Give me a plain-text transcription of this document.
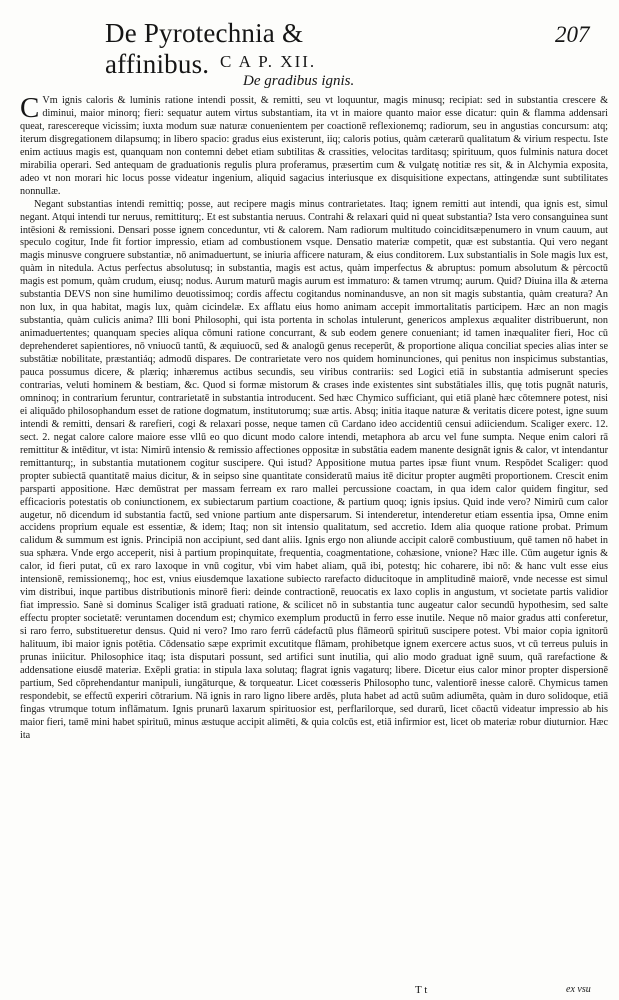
De Pyrotechnia & affinibus.
207
C A P. XII.
De gradibus ignis.

C Vm ignis caloris & luminis ratione intendi possit, & remitti, seu vt loquuntur, magis minusq; recipiat: sed in substantia crescere & diminui, maior minorq; fieri: sequatur autem virtus substantiam, ita vt in maiore quanto maior esse dicatur: quin & flamma addensari queat, rarescereque vicissim; iuxta modum suæ naturæ conuenientem per coactionē reflexionemq; radiorum, seu in angustias concursum: atq; iterum disgregationem dilapsumq; in libero spacio: gradus eius existerunt, iiq; caloris potius, quàm cæterarū qualitatum & virium respectu. Iste enim actiuus magis est, quanquam non contemni debet etiam subtilitas & crassities, velocitas tarditasq; spirituum, quos fulminis natura docet mirabilia operari. Sed antequam de graduationis regulis plura proferamus, præsertim cum & vulgatę notitiæ res sit, & in Alchymia exposita, adeo vt non morari hic locus posse videatur ingenium, aliquid sagacius interiusque ex disquisitione expectans, attingendæ sunt subtilitates nonnullæ.

Negant substantias intendi remittiq; posse, aut recipere magis minus contrarietates. Itaq; ignem remitti aut intendi, qua ignis est, simul negant. Atqui intendi tur neruus, remittiturq;. Et est substantia neruus. Contrahi & relaxari quid ni queat substantia? Ista vero consanguinea sunt intēsioni & remissioni. Densari posse ignem conceduntur, vti & calorem. Nam radiorum multitudo coinciditsæpenumero in vnum cauum, aut speculo cogitur, Inde fit fortior impressio, etiam ad combustionem vsque. Densatio materiæ competit, quæ est substantia. Qui vero negant magis minusve congruere substantiæ, nō animaduertunt, se iniuria afficere naturam, & eius conditorem. Lux substantialis in Sole magis lux est, quàm in nitedula. Actus perfectus absolutusq; in substantia, magis est actus, quàm imperfectus & abruptus: pomum absolutum & pèrcoctū magis est pomum, quàm crudum, eiusq; nodus. Aurum maturū magis aurum est immaturo: & tamen vtrumq; aurum. Quid? Diuina illa & æterna substantia DEVS non sine humilimo deuotissimoq; cordis affectu cogitandus nominandusve, an non sit magis substantia, quàm creatura? An non lux, in qua habitat, magis lux, quàm cicindelæ. Ex afflatu eius homo animam accepit immortalitatis participem. Hæc an non magis substantia, quàm culicis anima? Illi boni Philosophi, qui ista portenta in scholas intulerunt, genericos amplexus æqualiter distribuerunt, non animaduertentes; quanquam species aliqua cōmuni ratione concurrant, & sub eodem genere conueniant; id tamen inæqualiter fieri, Hoc cū deprehenderet sapientiores, nō vniuocū tantū, & æquiuocū, sed & analogū genus receperūt, & proportione aliqua conciliat species alias inter se substātiæ nobilitate, præstantiáq; admodū dispares. De contrarietate vero nos quidem hominunciones, qui penitus non inspicimus substantias, pauca possumus dicere, & plæriq; inhæremus actibus secundis, seu viribus contrariis: sed Logici etiā in substantia admiserunt species contrarias, veluti hominem & bestiam, &c. Quod si formæ mistorum & crases inde existentes sint substātiales illis, quę totis pugnāt naturis, omninoq; in contrarium feruntur, contrarietatē in substantia introducent. Sed hæc Chymico sufficiant, qui etiā planè hæc cōtemnere potest, nisi ei aliquādo philosophandum esset de ratione dogmatum, institutorumq; suæ artis. Absq; initia itaque naturæ & veritatis dicere potest, igne suum intendi & remitti, densari & rarefieri, cogi & relaxari posse, neque tamen cū Cardano ideo accidentiū censui adiiciendum. Scaliger exerc. 12. sect. 2. negat calore calore maiore esse vllū eo quo dicunt modo calore intendi, metaphora ab arcu vel fune sumpta. Neque enim calori rā remittitur & intēditur, vt ista: Nimirū intensio & remissio affectiones oppositæ in substātia eadem manente designāt ignis & calor, vt intendantur remittanturq;, in substantia mutationem cogitur suscipere. Qui istud? Appositione mutua partes ipsæ fiunt vnum. Respōdet Scaliger: quod propter subiectā quantitatē maius dicitur, & in seipso sine quantitate consideratū maius itē dicitur propter augmēti proportionem. Crescit enim parsparti appositione. Hæc demūstrat per massam ferream ex raro mallei percussione coactam, in qua idem calor quidem fingitur, sed efficacioris potestatis ob coniunctionem, ex subiectarum partium coactione, & partium quoq; ignis ipsius. Quid inde vero? Nimirū cum calor augetur, nō dicendum id substantia factū, sed vnione partium ante dispersarum. Si intenderetur, intenderetur etiam essentia ipsa, Omne enim accidens proprium equale est essentiæ, & idem; Itaq; non sit intensio qualitatum, sed accretio. Idem alia quoque ratione probat. Primum calidum & summum est ignis. Principiā non accipiunt, sed dant aliis. Ignis ergo non aliunde accipit calorē combustiuum, quē tamen nō habet in sua sphæra. Vnde ergo acceperit, nisi à partium propinquitate, frequentia, coagmentatione, cohæsione, vnione? Hæc ille. Cūm augetur ignis & calor, id fieri putat, cū ex raro laxoque in vnū cogitur, vbi vim habet aliam, quā ibi, potestq; hic coharere, ibi nō: & hanc vult esse eius intensionē, remissionemq;, hoc est, vnius eiusdemque laxatione subiecto rarefacto diducitoque in amplitudinē maiorē, vnde necesse est simul vim distribui, inque partibus distributionis minorē fieri: deinde contractionē, reuocatis ex laxo coplis in angustum, vt societate partis validior fiat impressio. Sanè si dominus Scaliger istā graduati ratione, & scilicet nō in substantia tunc augeatur calor secundū hypothesim, sed salte effectu propter societatē: veruntamen docendum est; chymico exemplum productū in ferro esse inutile. Neque nō maior gradus atti conferetur, si raro ferro, substitueretur densus. Quid ni vero? Imo raro ferrū cádefactū plus flāmeorū spirituū suscipere potest. Vbi maior copia ignitorū halituum, ibi maior ignis potētia. Cōdensatio sæpe exprimit excutitque flāmam, prohibetque ignem exercere actus suos, vt cū terreus puluis in prunas iniicitur. Philosophice itaq; ista disputari possunt, sed artifici sunt inutilia, qui alio modo graduat ignē suum, quā rarefactione & addensatione eiusdē materiæ. Exēpli gratia: in stipula laxa solutaq; flagrat ignis vagaturq; libere. Dicetur eius calor minor propter dispersionē partium, Sed cōprehendantur manipuli, iungāturque, & torqueatur. Licet coœsseris Philosopho tunc, valentiorē inesse calorē. Chymicus tamen respondebit, se effectū experiri cōtrarium. Nā ignis in raro ligno libere ardēs, pluta habet ad actū suūm adiumēta, quàm in duro solidoque, etiā fingas vtrumque totum inflāmatum. Ignis prunarū laxarum spirituosior est, perflarilorque, sed durarū, licet cōactū videatur impressio ab his maior fieri, tamē mini habet spirituū, minus æstuque accipit alimēti, & quia colcūs est, etiā infirmior est, licet ob materiæ robur diuturnior. Hæc ita

T t	ex vsu
